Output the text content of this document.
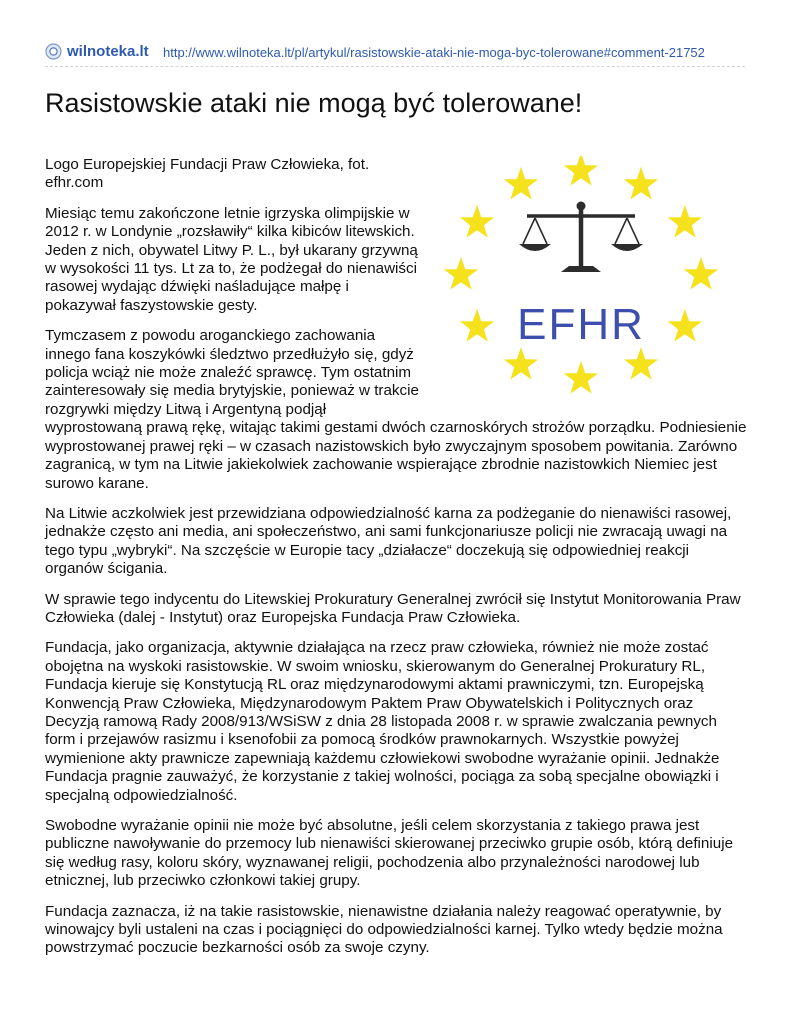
wilnoteka.lt http://www.wilnoteka.lt/pl/artykul/rasistowskie-ataki-nie-moga-byc-tolerowane#comment-21752
Rasistowskie ataki nie mogą być tolerowane!
EFHR

Logo Europejskiej Fundacji Praw Człowieka, fot. efhr.com

Miesiąc temu zakończone letnie igrzyska olimpijskie w 2012 r. w Londynie „rozsławiły“ kilka kibiców litewskich. Jeden z nich, obywatel Litwy P. L., był ukarany grzywną w wysokości 11 tys. Lt za to, że podżegał do nienawiści rasowej wydając dźwięki naśladujące małpę i pokazywał faszystowskie gesty.

Tymczasem z powodu aroganckiego zachowania innego fana koszykówki śledztwo przedłużyło się, gdyż policja wciąż nie może znaleźć sprawcę. Tym ostatnim zainteresowały się media brytyjskie, ponieważ w trakcie rozgrywki między Litwą i Argentyną podjął wyprostowaną prawą rękę, witając takimi gestami dwóch czarnoskórych strożów porządku. Podniesienie wyprostowanej prawej ręki – w czasach nazistowskich było zwyczajnym sposobem powitania. Zarówno zagranicą, w tym na Litwie jakiekolwiek zachowanie wspierające zbrodnie nazistowkich Niemiec jest surowo karane.

Na Litwie aczkolwiek jest przewidziana odpowiedzialność karna za podżeganie do nienawiści rasowej, jednakże często ani media, ani społeczeństwo, ani sami funkcjonariusze policji nie zwracają uwagi na tego typu „wybryki“. Na szczęście w Europie tacy „działacze“ doczekują się odpowiedniej reakcji organów ścigania.

W sprawie tego indycentu do Litewskiej Prokuratury Generalnej zwrócił się Instytut Monitorowania Praw Człowieka (dalej - Instytut) oraz Europejska Fundacja Praw Człowieka.

Fundacja, jako organizacja, aktywnie działająca na rzecz praw człowieka, również nie może zostać obojętna na wyskoki rasistowskie. W swoim wniosku, skierowanym do Generalnej Prokuratury RL, Fundacja kieruje się Konstytucją RL oraz międzynarodowymi aktami prawniczymi, tzn. Europejską Konwencją Praw Człowieka, Międzynarodowym Paktem Praw Obywatelskich i Politycznych oraz Decyzją ramową Rady 2008/913/WSiSW z dnia 28 listopada 2008 r. w sprawie zwalczania pewnych form i przejawów rasizmu i ksenofobii za pomocą środków prawnokarnych. Wszystkie powyżej wymienione akty prawnicze zapewniają każdemu człowiekowi swobodne wyrażanie opinii. Jednakże Fundacja pragnie zauważyć, że korzystanie z takiej wolności, pociąga za sobą specjalne obowiązki i specjalną odpowiedzialność.

Swobodne wyrażanie opinii nie może być absolutne, jeśli celem skorzystania z takiego prawa jest publiczne nawoływanie do przemocy lub nienawiści skierowanej przeciwko grupie osób, którą definiuje się według rasy, koloru skóry, wyznawanej religii, pochodzenia albo przynależności narodowej lub etnicznej, lub przeciwko członkowi takiej grupy.

Fundacja zaznacza, iż na takie rasistowskie, nienawistne działania należy reagować operatywnie, by winowajcy byli ustaleni na czas i pociągnięci do odpowiedzialności karnej. Tylko wtedy będzie można powstrzymać poczucie bezkarności osób za swoje czyny.
